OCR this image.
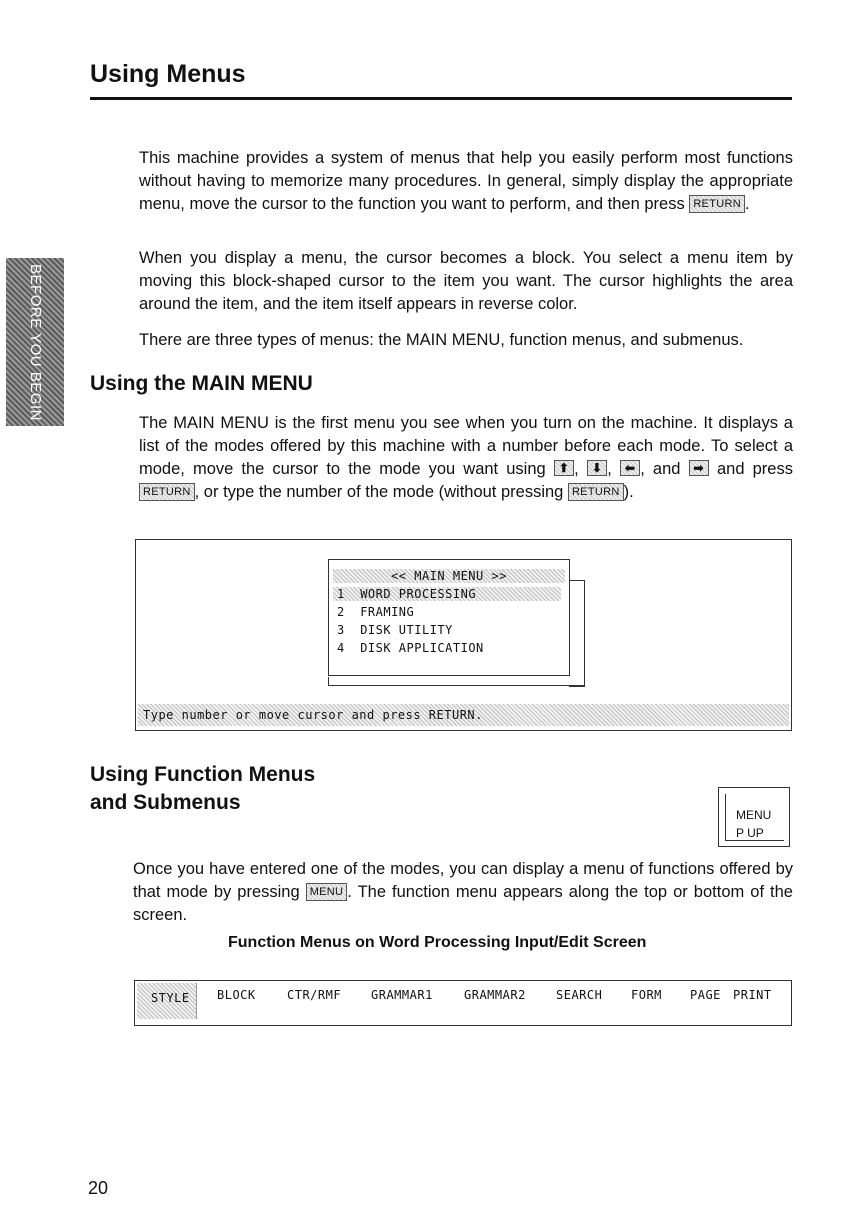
Using Menus
BEFORE YOU BEGIN
This machine provides a system of menus that help you easily perform most functions without having to memorize many procedures. In general, simply display the appropriate menu, move the cursor to the function you want to perform, and then press RETURN .
When you display a menu, the cursor becomes a block. You select a menu item by moving this block-shaped cursor to the item you want. The cursor highlights the area around the item, and the item itself appears in reverse color.
There are three types of menus: the MAIN MENU, function menus, and submenus.
Using the MAIN MENU
The MAIN MENU is the first menu you see when you turn on the machine. It displays a list of the modes offered by this machine with a number before each mode. To select a mode, move the cursor to the mode you want using ⬆ , ⬇ , ⬅ , and ➡ and press RETURN , or type the number of the mode (without pressing RETURN ).
<< MAIN MENU >>
1 WORD PROCESSING
2 FRAMING
3 DISK UTILITY
4 DISK APPLICATION
Type number or move cursor and press RETURN.
Using Function Menus
and Submenus
MENU
P UP
Once you have entered one of the modes, you can display a menu of functions offered by that mode by pressing MENU . The function menu appears along the top or bottom of the screen.
Function Menus on Word Processing Input/Edit Screen
STYLE	BLOCK	CTR/RMF GRAMMAR1	GRAMMAR2	SEARCH FORM PAGE PRINT
20
